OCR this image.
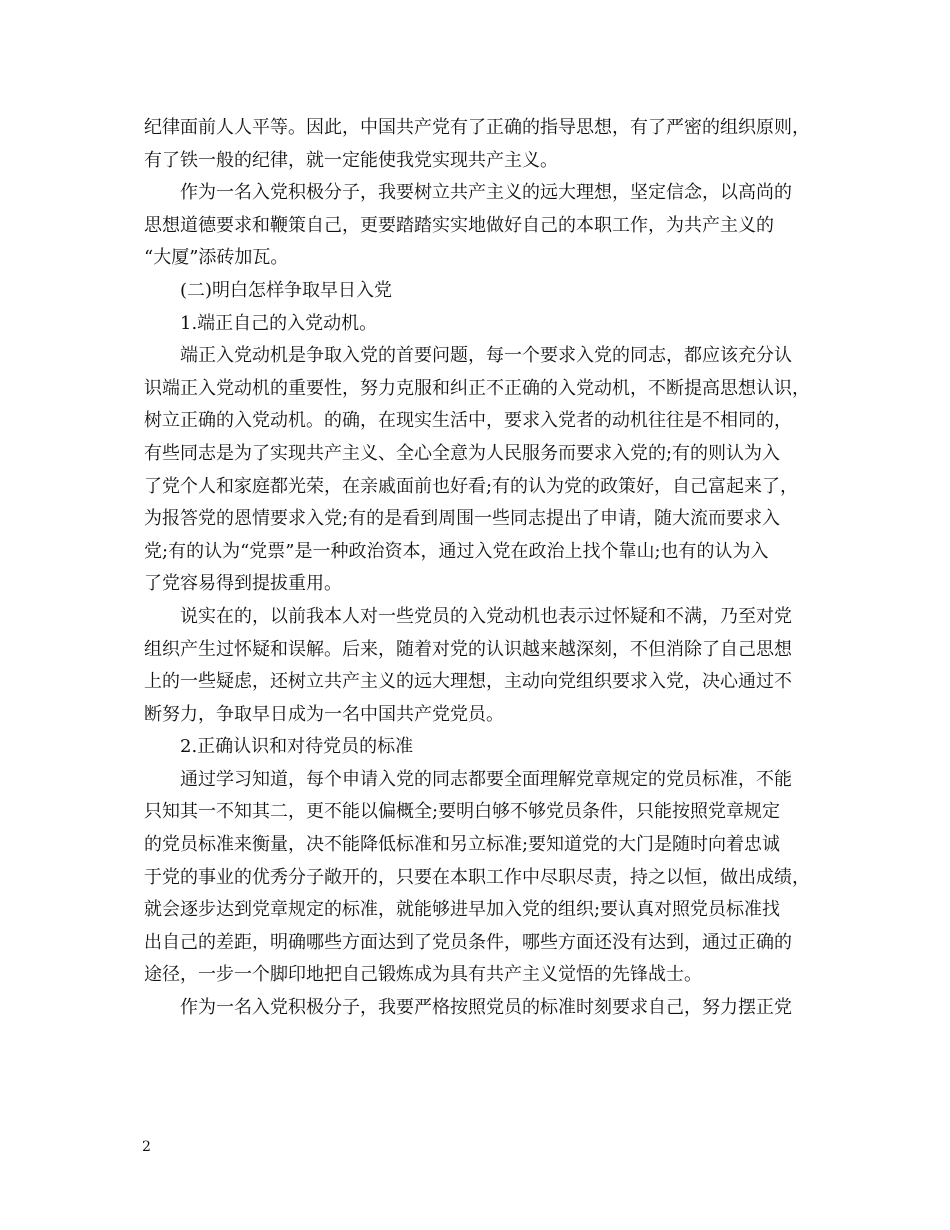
纪律面前人人平等。因此，中国共产党有了正确的指导思想，有了严密的组织原则，
有了铁一般的纪律，就一定能使我党实现共产主义。
作为一名入党积极分子，我要树立共产主义的远大理想，坚定信念，以高尚的
思想道德要求和鞭策自己，更要踏踏实实地做好自己的本职工作，为共产主义的
“大厦”添砖加瓦。
(二)明白怎样争取早日入党
1.端正自己的入党动机。
端正入党动机是争取入党的首要问题，每一个要求入党的同志，都应该充分认
识端正入党动机的重要性，努力克服和纠正不正确的入党动机，不断提高思想认识，
树立正确的入党动机。的确，在现实生活中，要求入党者的动机往往是不相同的，
有些同志是为了实现共产主义、全心全意为人民服务而要求入党的;有的则认为入
了党个人和家庭都光荣，在亲戚面前也好看;有的认为党的政策好，自己富起来了，
为报答党的恩情要求入党;有的是看到周围一些同志提出了申请，随大流而要求入
党;有的认为“党票”是一种政治资本，通过入党在政治上找个靠山;也有的认为入
了党容易得到提拔重用。
说实在的，以前我本人对一些党员的入党动机也表示过怀疑和不满，乃至对党
组织产生过怀疑和误解。后来，随着对党的认识越来越深刻，不但消除了自己思想
上的一些疑虑，还树立共产主义的远大理想，主动向党组织要求入党，决心通过不
断努力，争取早日成为一名中国共产党党员。
2.正确认识和对待党员的标准
通过学习知道，每个申请入党的同志都要全面理解党章规定的党员标准，不能
只知其一不知其二，更不能以偏概全;要明白够不够党员条件，只能按照党章规定
的党员标准来衡量，决不能降低标准和另立标准;要知道党的大门是随时向着忠诚
于党的事业的优秀分子敞开的，只要在本职工作中尽职尽责，持之以恒，做出成绩，
就会逐步达到党章规定的标准，就能够进早加入党的组织;要认真对照党员标准找
出自己的差距，明确哪些方面达到了党员条件，哪些方面还没有达到，通过正确的
途径，一步一个脚印地把自己锻炼成为具有共产主义觉悟的先锋战士。
作为一名入党积极分子，我要严格按照党员的标准时刻要求自己，努力摆正党
2
